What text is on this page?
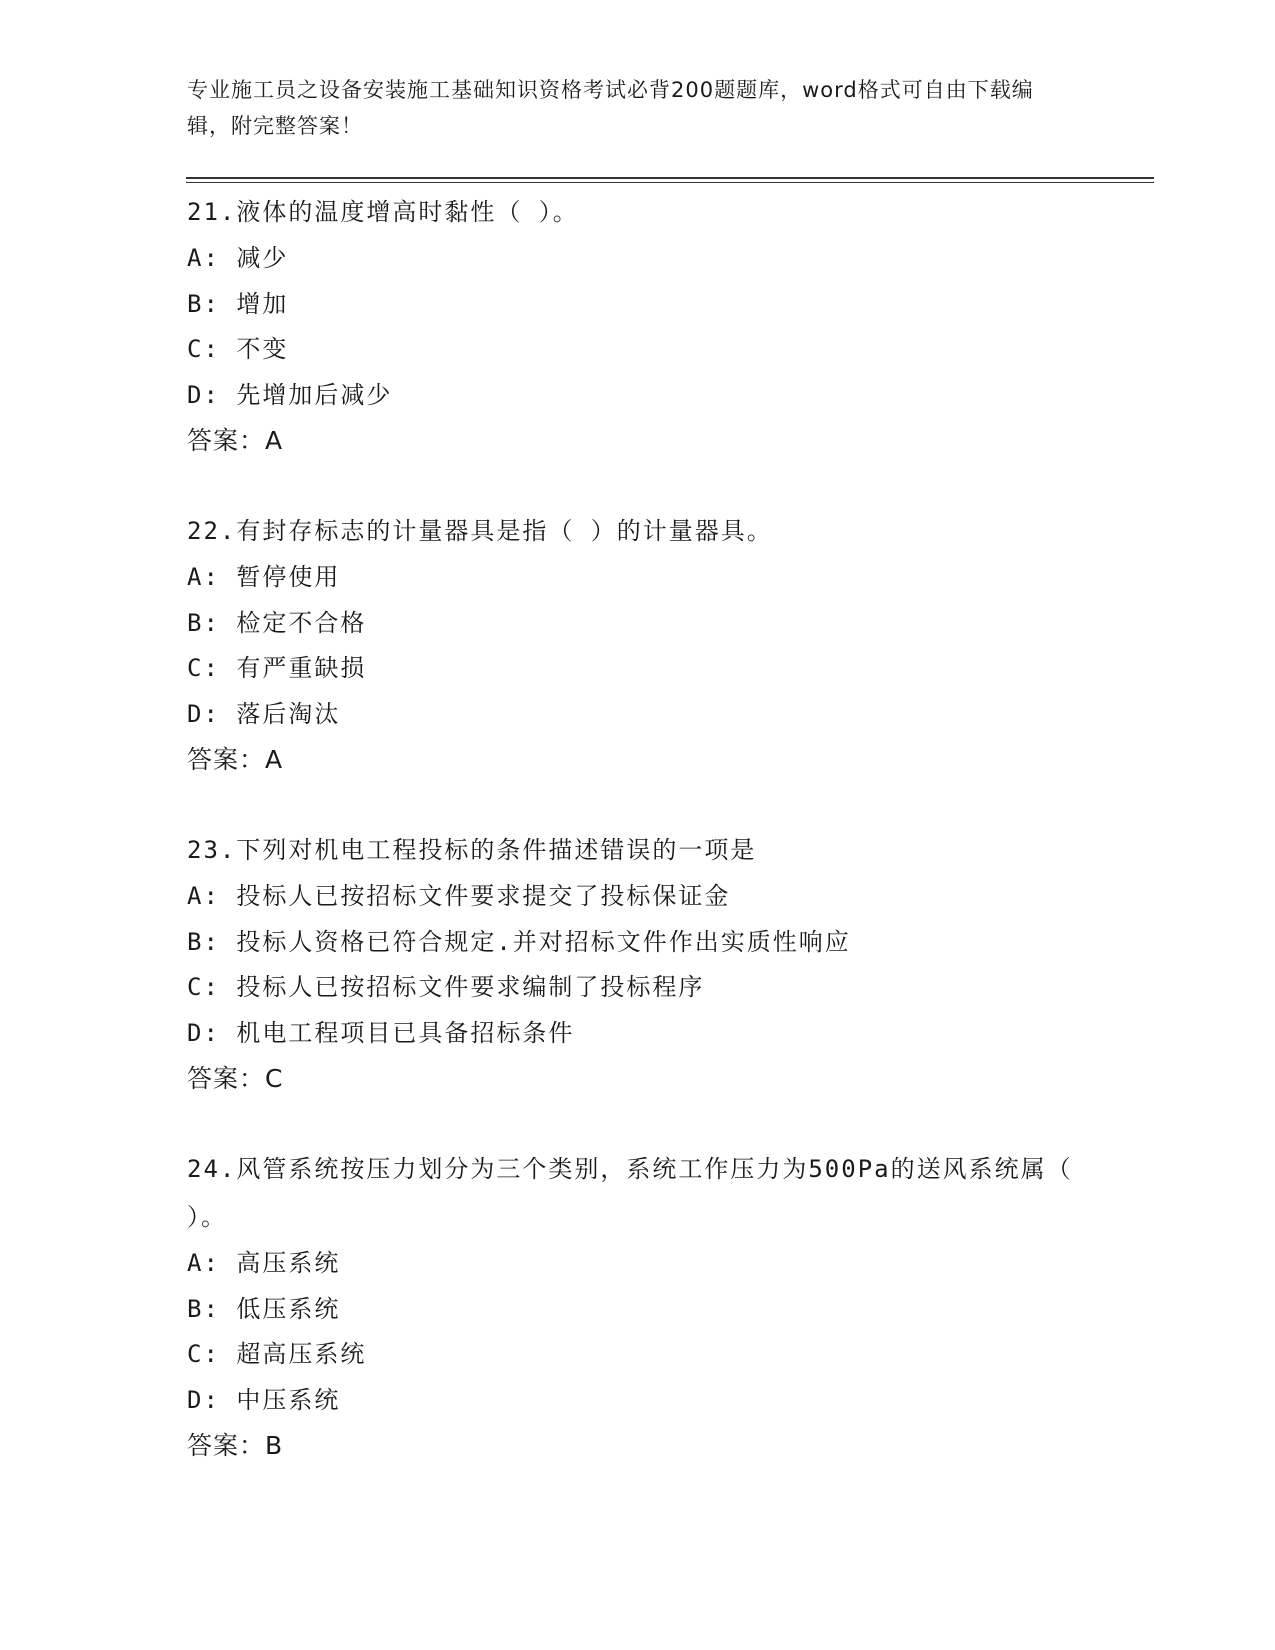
专业施工员之设备安装施工基础知识资格考试必背200题题库，word格式可自由下载编辑，附完整答案！
21.液体的温度增高时黏性（ ）。
A: 减少
B: 增加
C: 不变
D: 先增加后减少
答案：A
22.有封存标志的计量器具是指（ ）的计量器具。
A: 暂停使用
B: 检定不合格
C: 有严重缺损
D: 落后淘汰
答案：A
23.下列对机电工程投标的条件描述错误的一项是
A: 投标人已按招标文件要求提交了投标保证金
B: 投标人资格已符合规定.并对招标文件作出实质性响应
C: 投标人已按招标文件要求编制了投标程序
D: 机电工程项目已具备招标条件
答案：C
24.风管系统按压力划分为三个类别，系统工作压力为500Pa的送风系统属（ ）。
A: 高压系统
B: 低压系统
C: 超高压系统
D: 中压系统
答案：B
